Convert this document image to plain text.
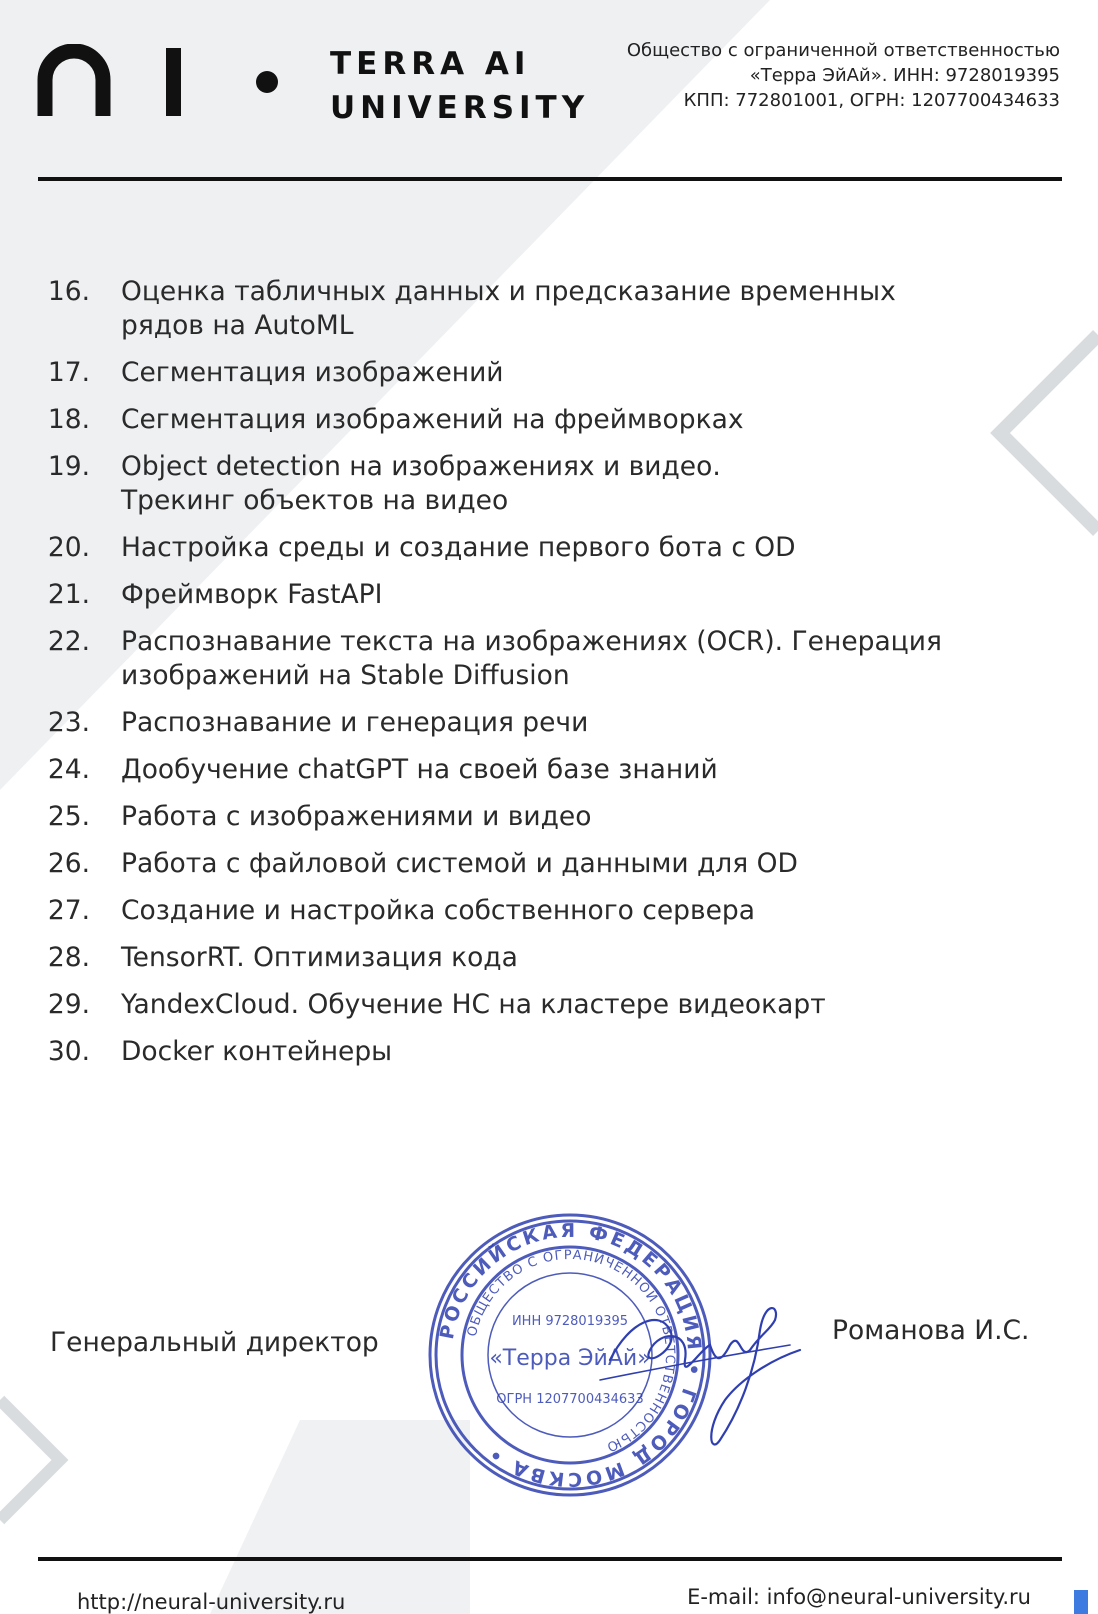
TERRA AI
UNIVERSITY
Общество с ограниченной ответственностью
«Терра ЭйАй». ИНН: 9728019395
КПП: 772801001, ОГРН: 1207700434633
16. Оценка табличных данных и предсказание временных
рядов на AutoML
17. Сегментация изображений
18. Сегментация изображений на фреймворках
19. Object detection на изображениях и видео.
Трекинг объектов на видео
20. Настройка среды и создание первого бота с OD
21. Фреймворк FastAPI
22. Распознавание текста на изображениях (OCR). Генерация
изображений на Stable Diffusion
23. Распознавание и генерация речи
24. Дообучение chatGPT на своей базе знаний
25. Работа с изображениями и видео
26. Работа с файловой системой и данными для OD
27. Создание и настройка собственного сервера
28. TensorRT. Оптимизация кода
29. YandexCloud. Обучение НС на кластере видеокарт
30. Docker контейнеры
Генеральный директор	Романова И.С.
РОССИЙСКАЯ ФЕДЕРАЦИЯ • ГОРОД МОСКВА •
ОБЩЕСТВО С ОГРАНИЧЕННОЙ ОТВЕТСТВЕННОСТЬЮ
ИНН 9728019395
ОГРН 1207700434633
«Терра ЭйАй»
http://neural-university.ru	E-mail: info@neural-university.ru
